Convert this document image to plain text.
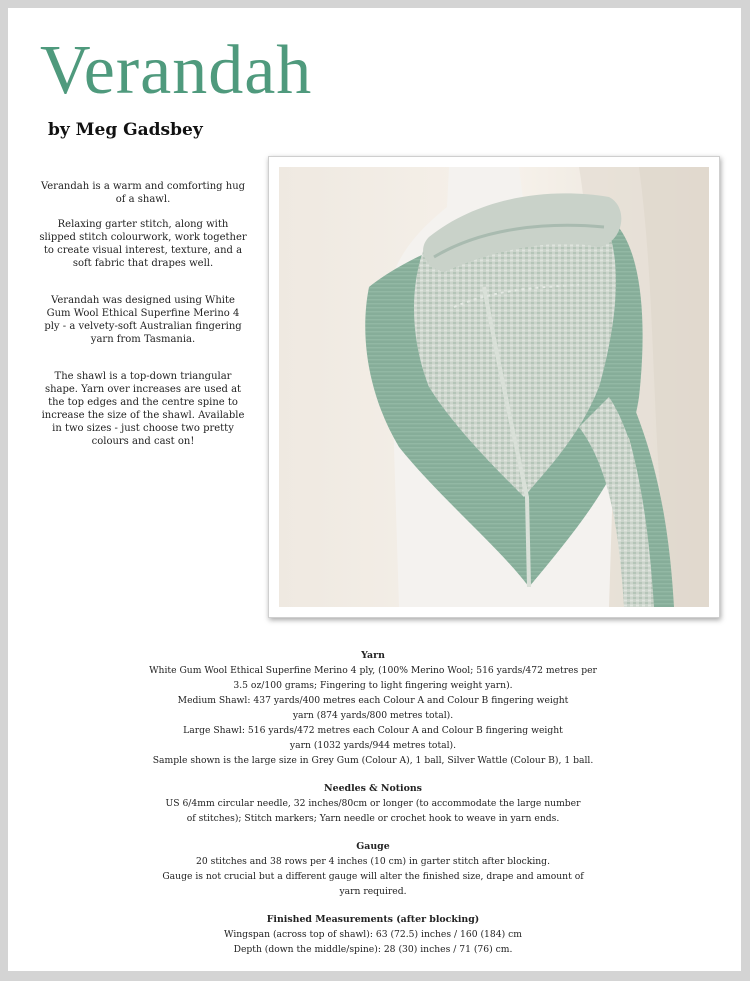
Verandah
by Meg Gadsbey

Verandah is a warm and comforting hug of a shawl.

Relaxing garter stitch, along with slipped stitch colourwork, work together to create visual interest, texture, and a soft fabric that drapes well.

Verandah was designed using White Gum Wool Ethical Superfine Merino 4 ply - a velvety-soft Australian fingering yarn from Tasmania.

The shawl is a top-down triangular shape. Yarn over increases are used at the top edges and the centre spine to increase the size of the shawl. Available in two sizes - just choose two pretty colours and cast on!

Yarn

White Gum Wool Ethical Superfine Merino 4 ply, (100% Merino Wool; 516 yards/472 metres per

3.5 oz/100 grams; Fingering to light fingering weight yarn).

Medium Shawl: 437 yards/400 metres each Colour A and Colour B fingering weight

yarn (874 yards/800 metres total).

Large Shawl: 516 yards/472 metres each Colour A and Colour B fingering weight

yarn (1032 yards/944 metres total).

Sample shown is the large size in Grey Gum (Colour A), 1 ball, Silver Wattle (Colour B), 1 ball.

Needles & Notions

US 6/4mm circular needle, 32 inches/80cm or longer (to accommodate the large number

of stitches); Stitch markers; Yarn needle or crochet hook to weave in yarn ends.

Gauge

20 stitches and 38 rows per 4 inches (10 cm) in garter stitch after blocking.

Gauge is not crucial but a different gauge will alter the finished size, drape and amount of

yarn required.

Finished Measurements (after blocking)

Wingspan (across top of shawl): 63 (72.5) inches / 160 (184) cm

Depth (down the middle/spine): 28 (30) inches / 71 (76) cm.
